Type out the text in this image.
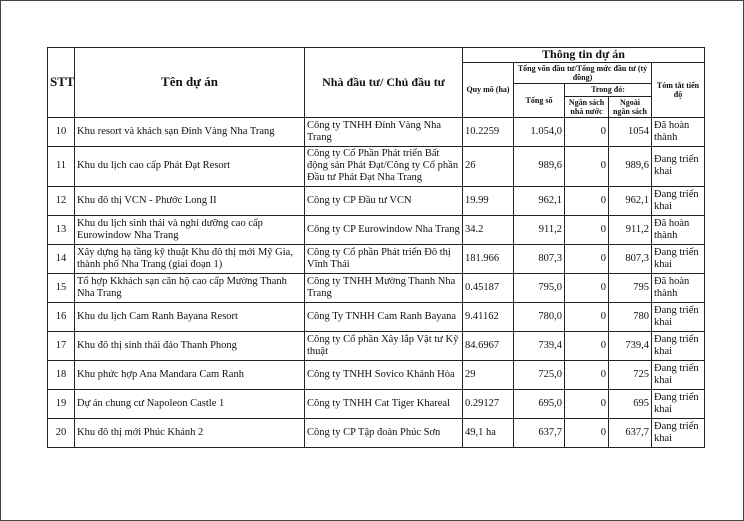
STT	Tên dự án	Nhà đầu tư/ Chủ đầu tư	Thông tin dự án				
			Quy mô (ha)	Tổng vốn đầu tư/Tổng mức đầu tư (tỷ đồng)			Tóm tắt tiến độ
				Tổng số	Trong đó:		
					Ngân sách nhà nước	Ngoài ngân sách	
10	Khu resort và khách sạn Đỉnh Vàng Nha Trang	Công ty TNHH Đỉnh Vàng Nha Trang	10.2259	1.054,0	0	1054	Đã hoàn thành
11	Khu du lịch cao cấp Phát Đạt Resort	Công ty Cổ Phần Phát triển Bất động sản Phát Đạt/Công ty Cổ phần Đầu tư Phát Đạt Nha Trang	26	989,6	0	989,6	Đang triển khai
12	Khu đô thị VCN - Phước Long II	Công ty CP Đầu tư VCN	19.99	962,1	0	962,1	Đang triển khai
13	Khu du lịch sinh thái và nghỉ dưỡng cao cấp Eurowindow Nha Trang	Công ty CP Eurowindow Nha Trang	34.2	911,2	0	911,2	Đã hoàn thành
14	Xây dựng hạ tầng kỹ thuật Khu đô thị mới Mỹ Gia, thành phố Nha Trang (giai đoạn 1)	Công ty Cổ phần Phát triển Đô thị Vĩnh Thái	181.966	807,3	0	807,3	Đang triển khai
15	Tổ hợp Kkhách sạn căn hộ cao cấp Mường Thanh Nha Trang	Công ty TNHH Mường Thanh Nha Trang	0.45187	795,0	0	795	Đã hoàn thành
16	Khu du lịch Cam Ranh Bayana Resort	Công Ty TNHH Cam Ranh Bayana	9.41162	780,0	0	780	Đang triển khai
17	Khu đô thị sinh thái đảo Thanh Phong	Công ty Cổ phần Xây lắp Vật tư Kỹ thuật	84.6967	739,4	0	739,4	Đang triển khai
18	Khu phức hợp Ana Mandara Cam Ranh	Công ty TNHH Sovico Khánh Hòa	29	725,0	0	725	Đang triển khai
19	Dự án chung cư Napoleon Castle 1	Công ty TNHH Cat Tiger Khareal	0.29127	695,0	0	695	Đang triển khai
20	Khu đô thị mới Phúc Khánh 2	Công ty CP Tập đoàn Phúc Sơn	49,1 ha	637,7	0	637,7	Đang triển khai
